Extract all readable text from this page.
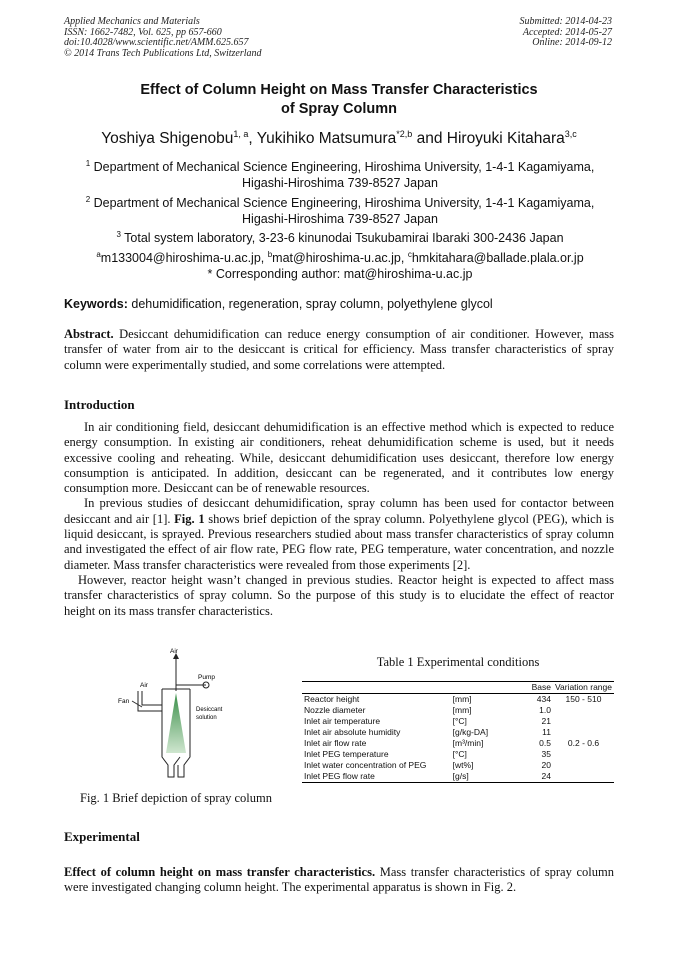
Applied Mechanics and Materials
ISSN: 1662-7482, Vol. 625, pp 657-660
doi:10.4028/www.scientific.net/AMM.625.657
© 2014 Trans Tech Publications Ltd, Switzerland
Submitted: 2014-04-23
Accepted: 2014-05-27
Online: 2014-09-12
Effect of Column Height on Mass Transfer Characteristics
of Spray Column
Yoshiya Shigenobu$^{1, a}$, Yukihiko Matsumura$^{*2,b}$ and Hiroyuki Kitahara$^{3,c}$
$^1$ Department of Mechanical Science Engineering, Hiroshima University, 1-4-1 Kagamiyama,
Higashi-Hiroshima 739-8527 Japan
$^2$ Department of Mechanical Science Engineering, Hiroshima University, 1-4-1 Kagamiyama,
Higashi-Hiroshima 739-8527 Japan
$^3$ Total system laboratory, 3-23-6 kinunodai Tsukubamirai Ibaraki 300-2436 Japan
$^a$m133004@hiroshima-u.ac.jp, $^b$mat@hiroshima-u.ac.jp, $^c$hmkitahara@ballade.plala.or.jp
* Corresponding author: mat@hiroshima-u.ac.jp
Keywords: dehumidification, regeneration, spray column, polyethylene glycol

Abstract. Desiccant dehumidification can reduce energy consumption of air conditioner. However, mass transfer of water from air to the desiccant is critical for efficiency. Mass transfer characteristics of spray column were experimentally studied, and some correlations were attempted.

Introduction

In air conditioning field, desiccant dehumidification is an effective method which is expected to reduce energy consumption. In existing air conditioners, reheat dehumidification scheme is used, but it needs excessive cooling and reheating. While, desiccant dehumidification uses desiccant, therefore low energy consumption is anticipated. In addition, desiccant can be regenerated, and it contributes low energy consumption more. Desiccant can be of renewable resources.

In previous studies of desiccant dehumidification, spray column has been used for contactor between desiccant and air [1]. Fig. 1 shows brief depiction of the spray column. Polyethylene glycol (PEG), which is liquid desiccant, is sprayed. Previous researchers studied about mass transfer characteristics of spray column and investigated the effect of air flow rate, PEG flow rate, PEG temperature, water concentration, and nozzle diameter. Mass transfer characteristics were revealed from those experiments [2].

However, reactor height wasn’t changed in previous studies. Reactor height is expected to affect mass transfer characteristics of spray column. So the purpose of this study is to elucidate the effect of reactor height on its mass transfer characteristics.

Air
Pump
Air
Fan
Desiccant
solution
Fig. 1 Brief depiction of spray column
Table 1 Experimental conditions
		Base	Variation range
Reactor height	[mm]	434	150 - 510
Nozzle diameter	[mm]	1.0	
Inlet air temperature	[°C]	21	
Inlet air absolute humidity	[g/kg-DA]	11	
Inlet air flow rate	[m³/min]	0.5	0.2 - 0.6
Inlet PEG temperature	[°C]	35	
Inlet water concentration of PEG	[wt%]	20	
Inlet PEG flow rate	[g/s]	24	
Experimental

Effect of column height on mass transfer characteristics. Mass transfer characteristics of spray column were investigated changing column height. The experimental apparatus is shown in Fig. 2.
